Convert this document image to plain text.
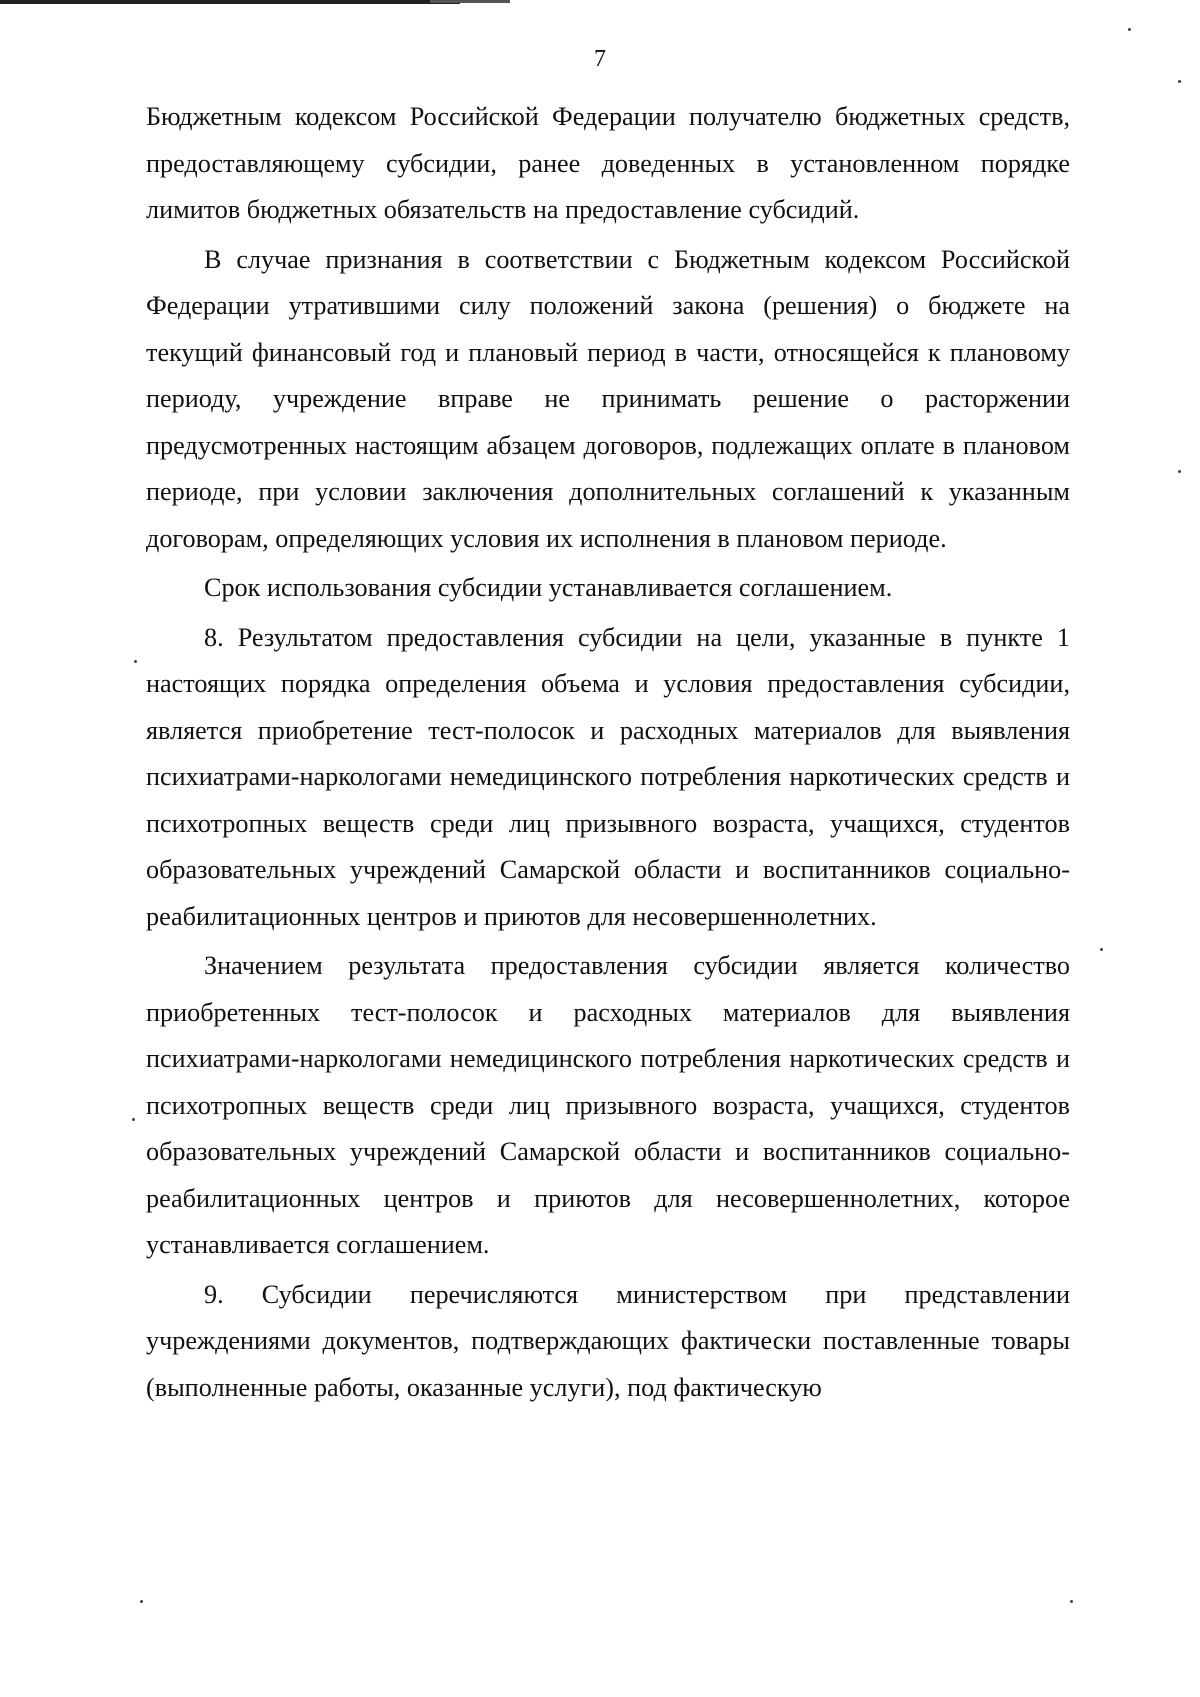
7

Бюджетным кодексом Российской Федерации получателю бюджетных средств, предоставляющему субсидии, ранее доведенных в установленном порядке лимитов бюджетных обязательств на предоставление субсидий.

В случае признания в соответствии с Бюджетным кодексом Российской Федерации утратившими силу положений закона (решения) о бюджете на текущий финансовый год и плановый период в части, относящейся к плановому периоду, учреждение вправе не принимать решение о расторжении предусмотренных настоящим абзацем договоров, подлежащих оплате в плановом периоде, при условии заключения дополнительных соглашений к указанным договорам, определяющих условия их исполнения в плановом периоде.

Срок использования субсидии устанавливается соглашением.

8. Результатом предоставления субсидии на цели, указанные в пункте 1 настоящих порядка определения объема и условия предоставления субсидии, является приобретение тест-полосок и расходных материалов для выявления психиатрами-наркологами немедицинского потребления наркотических средств и психотропных веществ среди лиц призывного возраста, учащихся, студентов образовательных учреждений Самарской области и воспитанников социально-реабилитационных центров и приютов для несовершеннолетних.

Значением результата предоставления субсидии является количество приобретенных тест-полосок и расходных материалов для выявления психиатрами-наркологами немедицинского потребления наркотических средств и психотропных веществ среди лиц призывного возраста, учащихся, студентов образовательных учреждений Самарской области и воспитанников социально-реабилитационных центров и приютов для несовершеннолетних, которое устанавливается соглашением.

9. Субсидии перечисляются министерством при представлении учреждениями документов, подтверждающих фактически поставленные товары (выполненные работы, оказанные услуги), под фактическую
